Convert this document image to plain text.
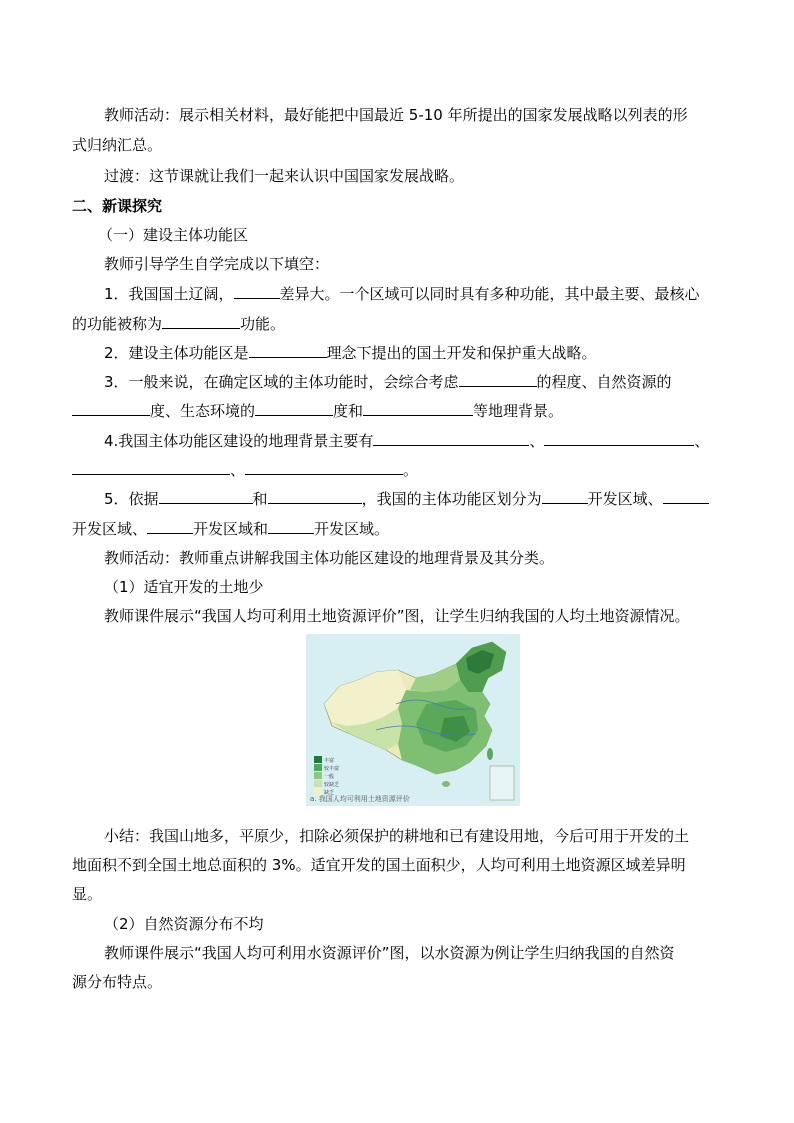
教师活动：展示相关材料，最好能把中国最近 5-10 年所提出的国家发展战略以列表的形
式归纳汇总。
过渡：这节课就让我们一起来认识中国国家发展战略。
二、新课探究
（一）建设主体功能区
教师引导学生自学完成以下填空：
1．我国国土辽阔，	差异大。一个区域可以同时具有多种功能，其中最主要、最核心
的功能被称为	功能。
2．建设主体功能区是	理念下提出的国土开发和保护重大战略。
3．一般来说，在确定区域的主体功能时，会综合考虑	的程度、自然资源的
度、生态环境的	度和	等地理背景。
4.我国主体功能区建设的地理背景主要有	、	、
、	。
5．依据	和	，我国的主体功能区划分为	开发区域、
开发区域、	开发区域和	开发区域。
教师活动：教师重点讲解我国主体功能区建设的地理背景及其分类。
（1）适宜开发的土地少
教师课件展示“我国人均可利用土地资源评价”图，让学生归纳我国的人均土地资源情况。
丰富
较丰富
一般
较缺乏
缺乏
a. 我国人均可利用土地资源评价
小结：我国山地多，平原少，扣除必须保护的耕地和已有建设用地，今后可用于开发的土
地面积不到全国土地总面积的 3%。适宜开发的国土面积少，人均可利用土地资源区域差异明
显。
（2）自然资源分布不均
教师课件展示“我国人均可利用水资源评价”图，以水资源为例让学生归纳我国的自然资
源分布特点。
